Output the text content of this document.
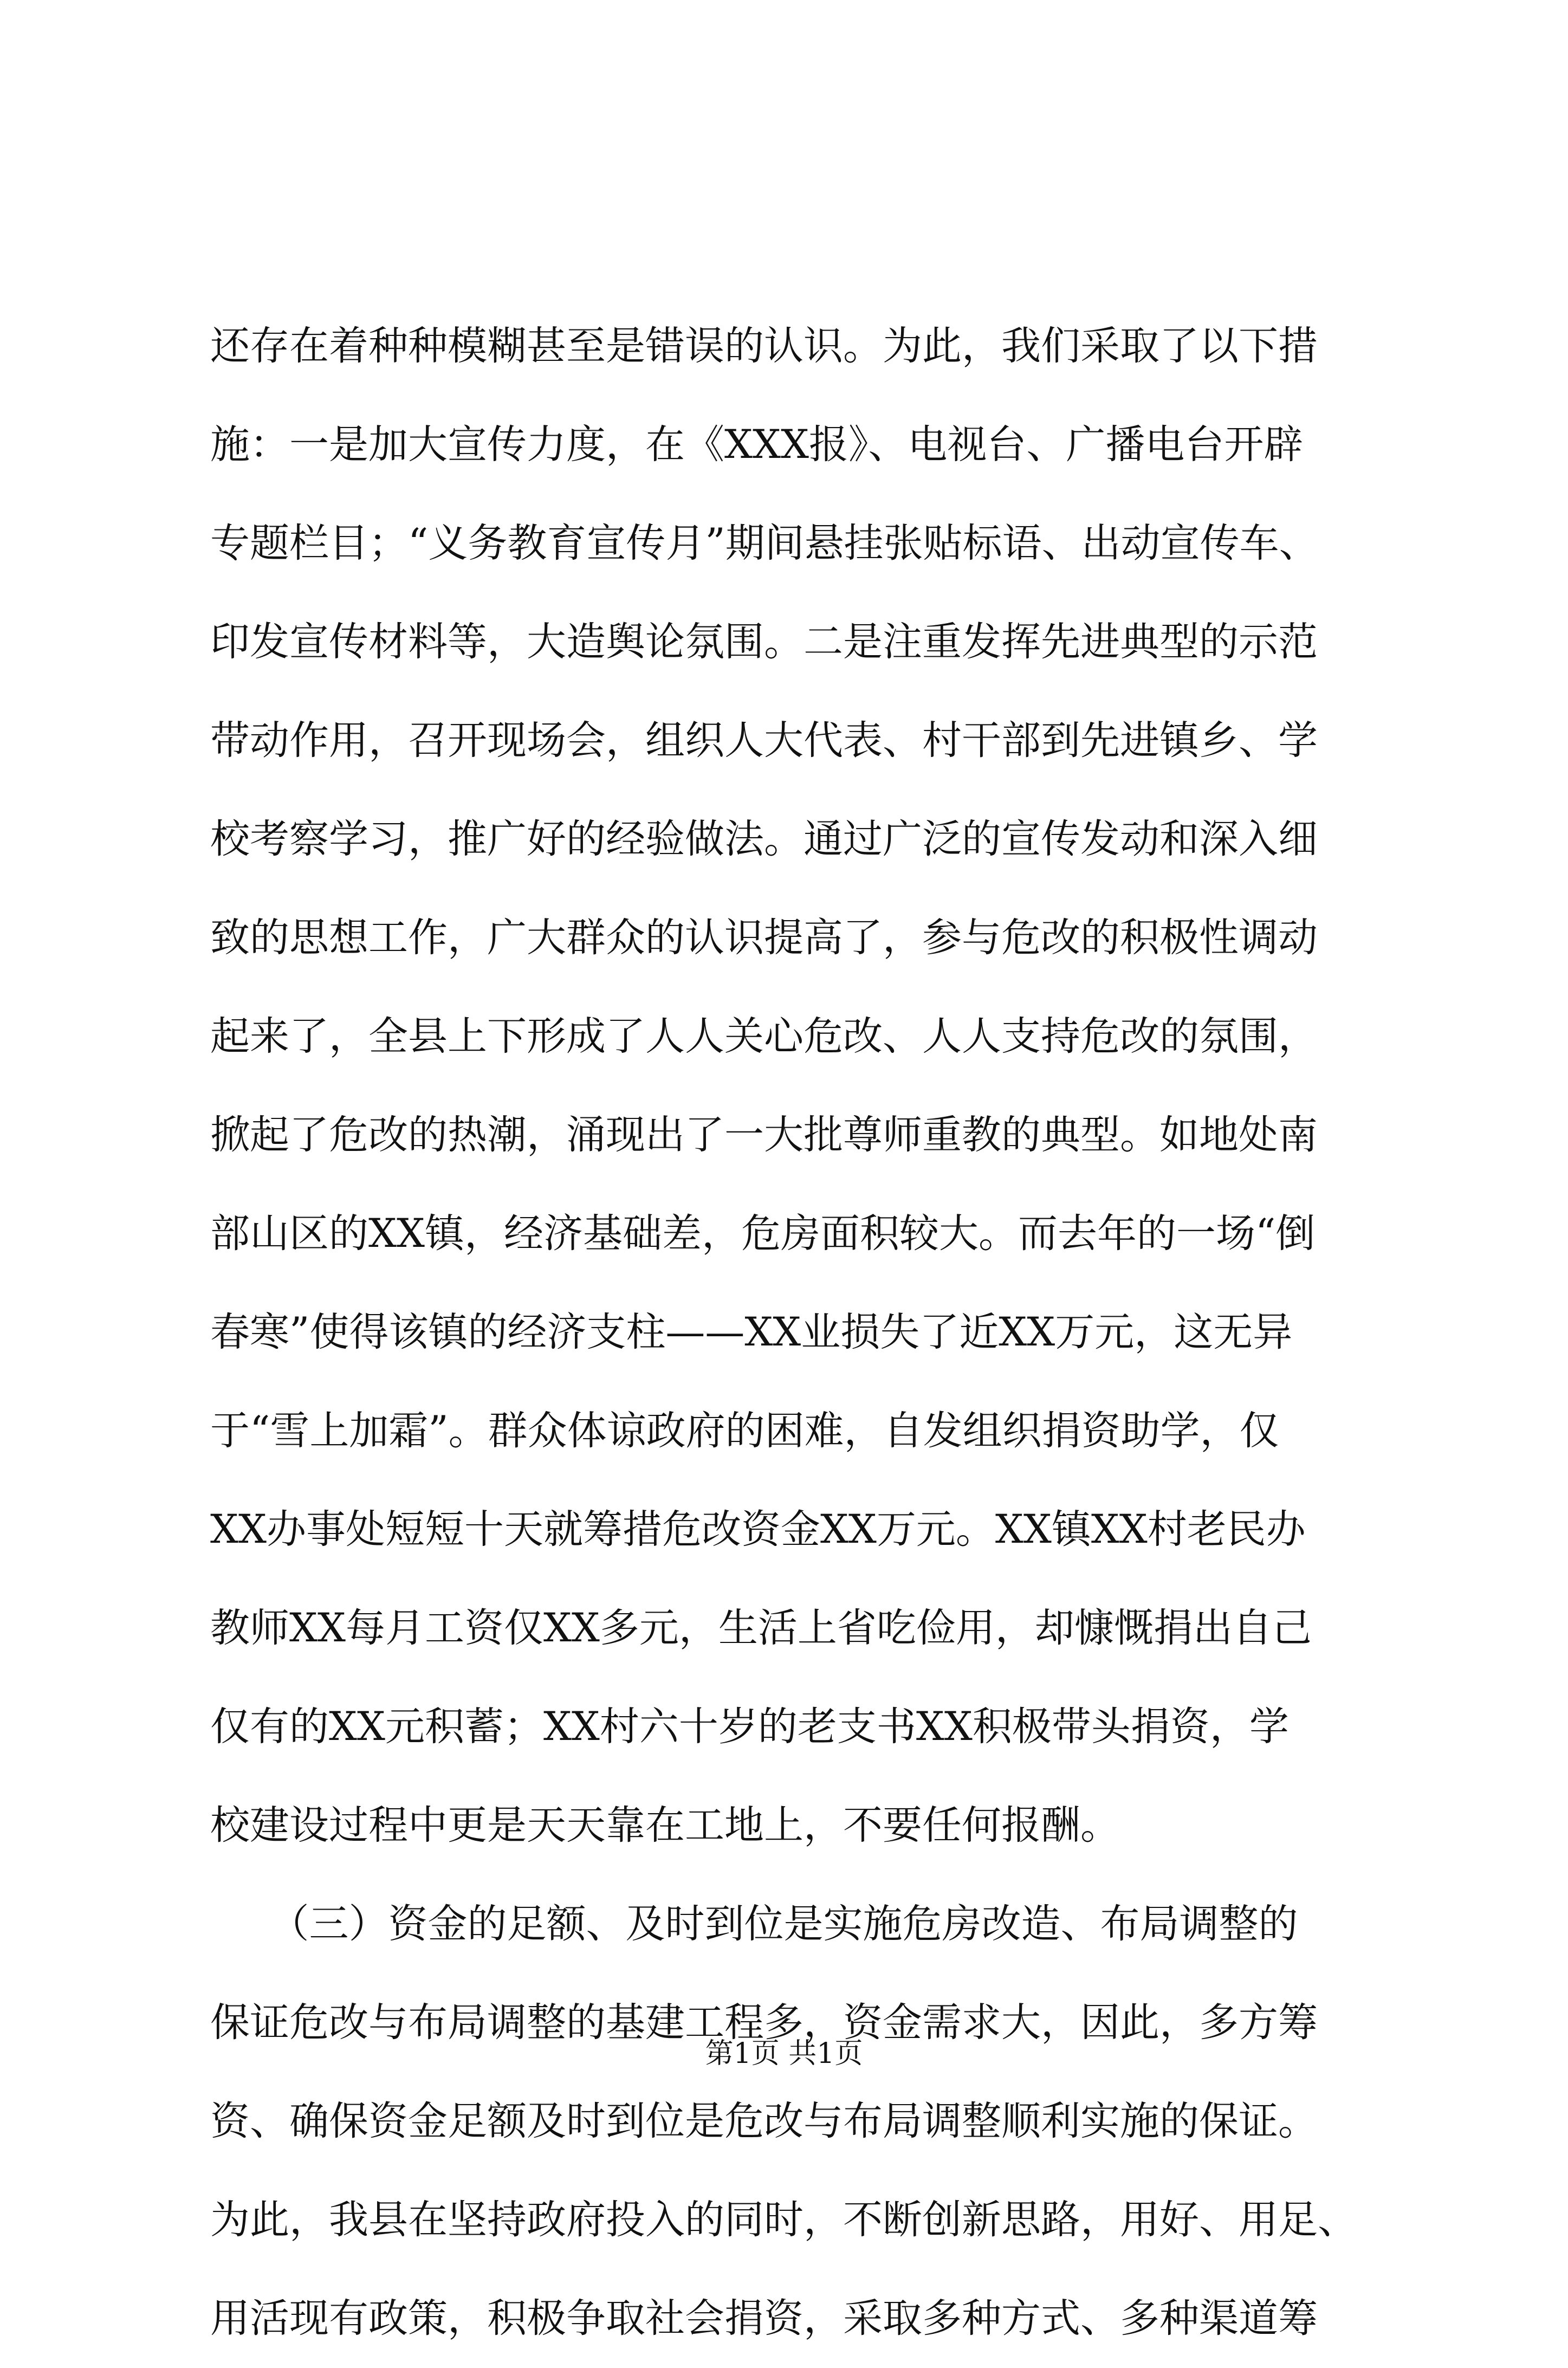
还存在着种种模糊甚至是错误的认识。为此，我们采取了以下措
施：一是加大宣传力度，在《XXX报》、电视台、广播电台开辟
专题栏目；“义务教育宣传月”期间悬挂张贴标语、出动宣传车、
印发宣传材料等，大造舆论氛围。二是注重发挥先进典型的示范
带动作用，召开现场会，组织人大代表、村干部到先进镇乡、学
校考察学习，推广好的经验做法。通过广泛的宣传发动和深入细
致的思想工作，广大群众的认识提高了，参与危改的积极性调动
起来了，全县上下形成了人人关心危改、人人支持危改的氛围，
掀起了危改的热潮，涌现出了一大批尊师重教的典型。如地处南
部山区的XX镇，经济基础差，危房面积较大。而去年的一场“倒
春寒”使得该镇的经济支柱——XX业损失了近XX万元，这无异
于“雪上加霜”。群众体谅政府的困难，自发组织捐资助学，仅
XX办事处短短十天就筹措危改资金XX万元。XX镇XX村老民办
教师XX每月工资仅XX多元，生活上省吃俭用，却慷慨捐出自己
仅有的XX元积蓄；XX村六十岁的老支书XX积极带头捐资，学
校建设过程中更是天天靠在工地上，不要任何报酬。
　　（三）资金的足额、及时到位是实施危房改造、布局调整的
保证危改与布局调整的基建工程多，资金需求大，因此，多方筹
资、确保资金足额及时到位是危改与布局调整顺利实施的保证。
为此，我县在坚持政府投入的同时，不断创新思路，用好、用足、
用活现有政策，积极争取社会捐资，采取多种方式、多种渠道筹
第1页 共1页
